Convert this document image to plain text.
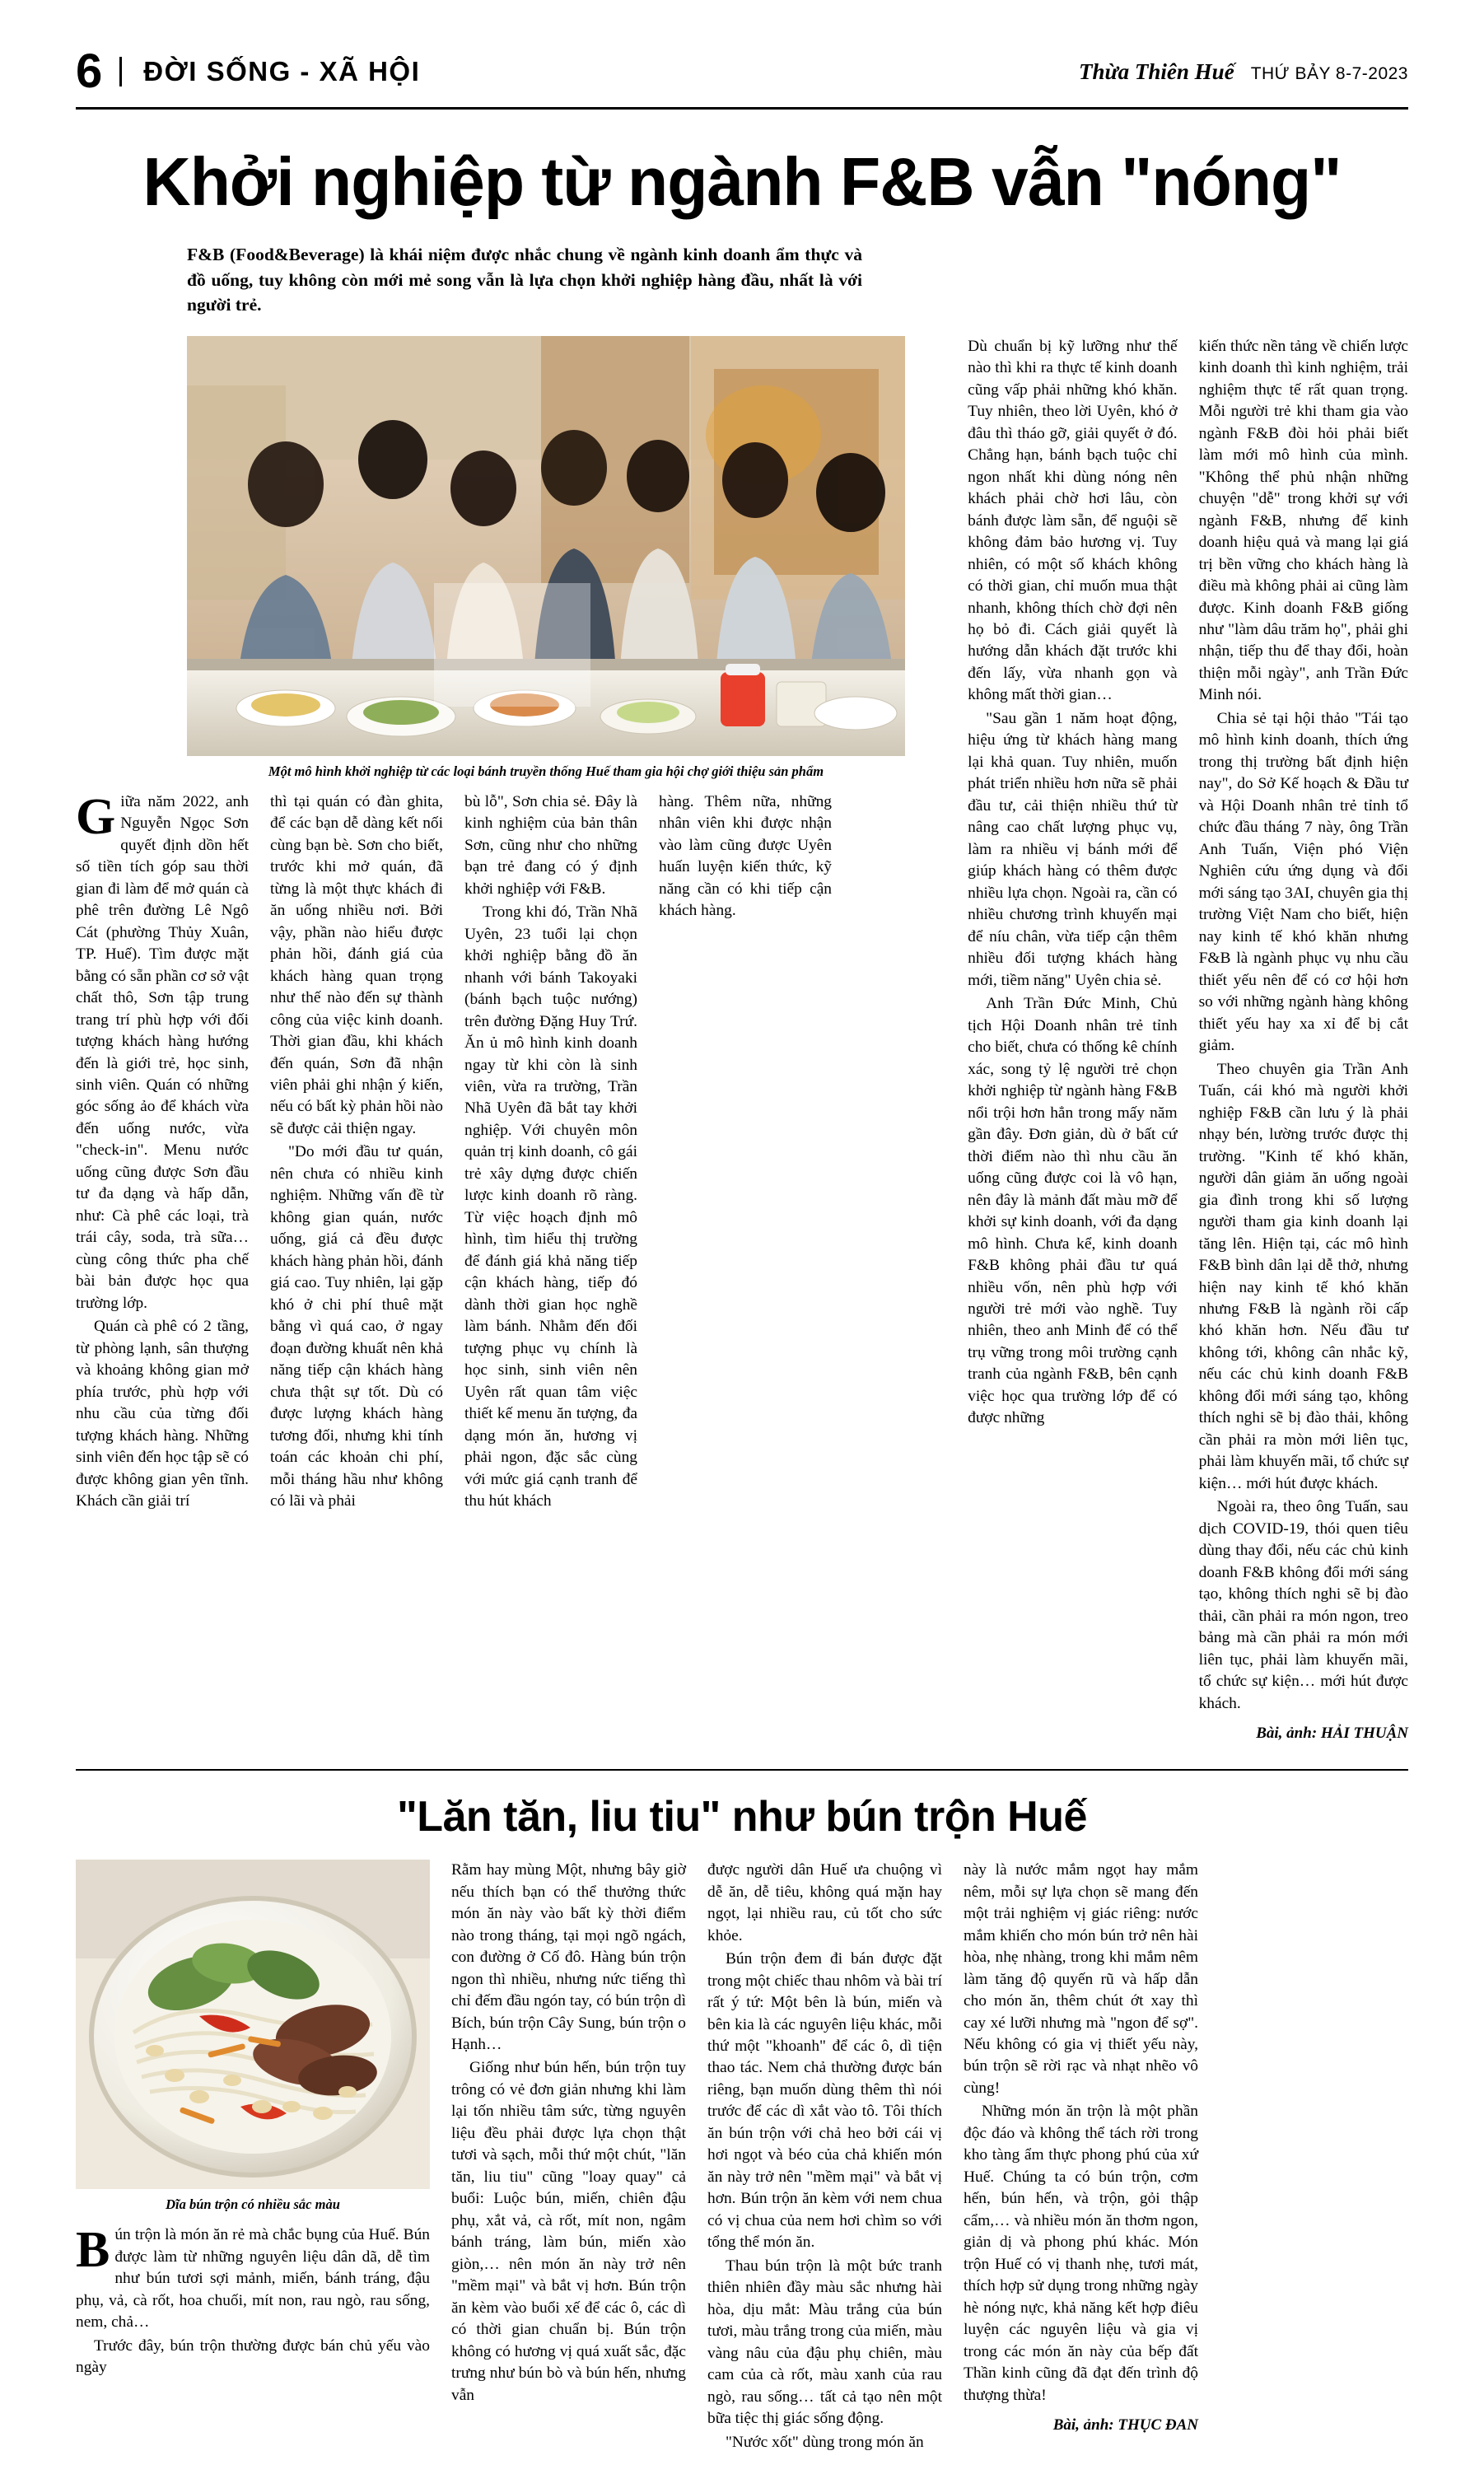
6	ĐỜI SỐNG - XÃ HỘI	Thừa Thiên Huế THỨ BẢY 8-7-2023
Khởi nghiệp từ ngành F&B vẫn "nóng"
F&B (Food&Beverage) là khái niệm được nhắc chung về ngành kinh doanh ẩm thực và đồ uống, tuy không còn mới mẻ song vẫn là lựa chọn khởi nghiệp hàng đầu, nhất là với người trẻ.
Một mô hình khởi nghiệp từ các loại bánh truyền thống Huế tham gia hội chợ giới thiệu sản phẩm

Giữa năm 2022, anh Nguyễn Ngọc Sơn quyết định dồn hết số tiền tích góp sau thời gian đi làm để mở quán cà phê trên đường Lê Ngô Cát (phường Thủy Xuân, TP. Huế). Tìm được mặt bằng có sẵn phần cơ sở vật chất thô, Sơn tập trung trang trí phù hợp với đối tượng khách hàng hướng đến là giới trẻ, học sinh, sinh viên. Quán có những góc sống ảo để khách vừa đến uống nước, vừa "check-in". Menu nước uống cũng được Sơn đầu tư đa dạng và hấp dẫn, như: Cà phê các loại, trà trái cây, soda, trà sữa… cùng công thức pha chế bài bản được học qua trường lớp.

Quán cà phê có 2 tầng, từ phòng lạnh, sân thượng và khoảng không gian mở phía trước, phù hợp với nhu cầu của từng đối tượng khách hàng. Những sinh viên đến học tập sẽ có được không gian yên tĩnh. Khách cần giải trí

thì tại quán có đàn ghita, để các bạn dễ dàng kết nối cùng bạn bè. Sơn cho biết, trước khi mở quán, đã từng là một thực khách đi ăn uống nhiều nơi. Bởi vậy, phần nào hiểu được phản hồi, đánh giá của khách hàng quan trọng như thế nào đến sự thành công của việc kinh doanh. Thời gian đầu, khi khách đến quán, Sơn đã nhận viên phải ghi nhận ý kiến, nếu có bất kỳ phản hồi nào sẽ được cải thiện ngay.

"Do mới đầu tư quán, nên chưa có nhiều kinh nghiệm. Những vấn đề từ không gian quán, nước uống, giá cả đều được khách hàng phản hồi, đánh giá cao. Tuy nhiên, lại gặp khó ở chi phí thuê mặt bằng vì quá cao, ở ngay đoạn đường khuất nên khả năng tiếp cận khách hàng chưa thật sự tốt. Dù có được lượng khách hàng tương đối, nhưng khi tính toán các khoản chi phí, mỗi tháng hầu như không có lãi và phải

bù lỗ", Sơn chia sẻ. Đây là kinh nghiệm của bản thân Sơn, cũng như cho những bạn trẻ đang có ý định khởi nghiệp với F&B.

Trong khi đó, Trần Nhã Uyên, 23 tuổi lại chọn khởi nghiệp bằng đồ ăn nhanh với bánh Takoyaki (bánh bạch tuộc nướng) trên đường Đặng Huy Trứ. Ăn ủ mô hình kinh doanh ngay từ khi còn là sinh viên, vừa ra trường, Trần Nhã Uyên đã bắt tay khởi nghiệp. Với chuyên môn quản trị kinh doanh, cô gái trẻ xây dựng được chiến lược kinh doanh rõ ràng. Từ việc hoạch định mô hình, tìm hiểu thị trường để đánh giá khả năng tiếp cận khách hàng, tiếp đó dành thời gian học nghề làm bánh. Nhằm đến đối tượng phục vụ chính là học sinh, sinh viên nên Uyên rất quan tâm việc thiết kế menu ăn tượng, đa dạng món ăn, hương vị phải ngon, đặc sắc cùng với mức giá cạnh tranh để thu hút khách

hàng. Thêm nữa, những nhân viên khi được nhận vào làm cũng được Uyên huấn luyện kiến thức, kỹ năng cần có khi tiếp cận khách hàng.

Dù chuẩn bị kỹ lưỡng như thế nào thì khi ra thực tế kinh doanh cũng vấp phải những khó khăn. Tuy nhiên, theo lời Uyên, khó ở đâu thì tháo gỡ, giải quyết ở đó. Chẳng hạn, bánh bạch tuộc chỉ ngon nhất khi dùng nóng nên khách phải chờ hơi lâu, còn bánh được làm sẵn, để nguội sẽ không đảm bảo hương vị. Tuy nhiên, có một số khách không có thời gian, chỉ muốn mua thật nhanh, không thích chờ đợi nên họ bỏ đi. Cách giải quyết là hướng dẫn khách đặt trước khi đến lấy, vừa nhanh gọn và không mất thời gian…

"Sau gần 1 năm hoạt động, hiệu ứng từ khách hàng mang lại khả quan. Tuy nhiên, muốn phát triển nhiều hơn nữa sẽ phải đầu tư, cải thiện nhiều thứ từ nâng cao chất lượng phục vụ, làm ra nhiều vị bánh mới để giúp khách hàng có thêm được nhiều lựa chọn. Ngoài ra, cần có nhiều chương trình khuyến mại để níu chân, vừa tiếp cận thêm nhiều đối tượng khách hàng mới, tiềm năng" Uyên chia sẻ.

Anh Trần Đức Minh, Chủ tịch Hội Doanh nhân trẻ tỉnh cho biết, chưa có thống kê chính xác, song tỷ lệ người trẻ chọn khởi nghiệp từ ngành hàng F&B nổi trội hơn hẳn trong mấy năm gần đây. Đơn giản, dù ở bất cứ thời điểm nào thì nhu cầu ăn uống cũng được coi là vô hạn, nên đây là mảnh đất màu mỡ để khởi sự kinh doanh, với đa dạng mô hình. Chưa kể, kinh doanh F&B không phải đầu tư quá nhiều vốn, nên phù hợp với người trẻ mới vào nghề. Tuy nhiên, theo anh Minh để có thể trụ vững trong môi trường cạnh tranh của ngành F&B, bên cạnh việc học qua trường lớp để có được những

kiến thức nền tảng về chiến lược kinh doanh thì kinh nghiệm, trải nghiệm thực tế rất quan trọng. Mỗi người trẻ khi tham gia vào ngành F&B đòi hỏi phải biết làm mới mô hình của mình. "Không thể phủ nhận những chuyện "dễ" trong khởi sự với ngành F&B, nhưng để kinh doanh hiệu quả và mang lại giá trị bền vững cho khách hàng là điều mà không phải ai cũng làm được. Kinh doanh F&B giống như "làm dâu trăm họ", phải ghi nhận, tiếp thu để thay đổi, hoàn thiện mỗi ngày", anh Trần Đức Minh nói.

Chia sẻ tại hội thảo "Tái tạo mô hình kinh doanh, thích ứng trong thị trường bất định hiện nay", do Sở Kế hoạch & Đầu tư và Hội Doanh nhân trẻ tỉnh tổ chức đầu tháng 7 này, ông Trần Anh Tuấn, Viện phó Viện Nghiên cứu ứng dụng và đổi mới sáng tạo 3AI, chuyên gia thị trường Việt Nam cho biết, hiện nay kinh tế khó khăn nhưng F&B là ngành phục vụ nhu cầu thiết yếu nên để có cơ hội hơn so với những ngành hàng không thiết yếu hay xa xỉ để bị cắt giảm.

Theo chuyên gia Trần Anh Tuấn, cái khó mà người khởi nghiệp F&B cần lưu ý là phải nhạy bén, lường trước được thị trường. "Kinh tế khó khăn, người dân giảm ăn uống ngoài gia đình trong khi số lượng người tham gia kinh doanh lại tăng lên. Hiện tại, các mô hình F&B bình dân lại dễ thở, nhưng hiện nay kinh tế khó khăn nhưng F&B là ngành rồi cấp khó khăn hơn. Nếu đầu tư không tới, không cân nhắc kỹ, nếu các chủ kinh doanh F&B không đổi mới sáng tạo, không thích nghi sẽ bị đào thải, không cần phải ra mòn mới liên tục, phải làm khuyến mãi, tổ chức sự kiện… mới hút được khách.

Ngoài ra, theo ông Tuấn, sau dịch COVID-19, thói quen tiêu dùng thay đổi, nếu các chủ kinh doanh F&B không đổi mới sáng tạo, không thích nghi sẽ bị đào thải, cần phải ra món ngon, treo bảng mà cần phải ra món mới liên tục, phải làm khuyến mãi, tổ chức sự kiện… mới hút được khách.

Bài, ảnh: HẢI THUẬN
"Lăn tăn, liu tiu" như bún trộn Huế
Dĩa bún trộn có nhiều sắc màu

Bún trộn là món ăn rẻ mà chắc bụng của Huế. Bún được làm từ những nguyên liệu dân dã, dễ tìm như bún tươi sợi mảnh, miến, bánh tráng, đậu phụ, vả, cà rốt, hoa chuối, mít non, rau ngò, rau sống, nem, chả…

Trước đây, bún trộn thường được bán chủ yếu vào ngày

Rằm hay mùng Một, nhưng bây giờ nếu thích bạn có thể thưởng thức món ăn này vào bất kỳ thời điểm nào trong tháng, tại mọi ngõ ngách, con đường ở Cố đô. Hàng bún trộn ngon thì nhiều, nhưng nức tiếng thì chỉ đếm đầu ngón tay, có bún trộn dì Bích, bún trộn Cây Sung, bún trộn o Hạnh…

Giống như bún hến, bún trộn tuy trông có vẻ đơn giản nhưng khi làm lại tốn nhiều tâm sức, từng nguyên liệu đều phải được lựa chọn thật tươi và sạch, mỗi thứ một chút, "lăn tăn, liu tiu" cũng "loay quay" cả buổi: Luộc bún, miến, chiên đậu phụ, xắt vả, cà rốt, mít non, ngâm bánh tráng, làm bún, miến xào giòn,… nên món ăn này trở nên "mềm mại" và bắt vị hơn. Bún trộn ăn kèm vào buổi xế để các ô, các dì có thời gian chuẩn bị. Bún trộn không có hương vị quá xuất sắc, đặc trưng như bún bò và bún hến, nhưng vẫn

được người dân Huế ưa chuộng vì dễ ăn, dễ tiêu, không quá mặn hay ngọt, lại nhiều rau, củ tốt cho sức khỏe.

Bún trộn đem đi bán được đặt trong một chiếc thau nhôm và bài trí rất ý tứ: Một bên là bún, miến và bên kia là các nguyên liệu khác, mỗi thứ một "khoanh" để các ô, dì tiện thao tác. Nem chả thường được bán riêng, bạn muốn dùng thêm thì nói trước để các dì xắt vào tô. Tôi thích ăn bún trộn với chả heo bởi cái vị hơi ngọt và béo của chả khiến món ăn này trở nên "mềm mại" và bắt vị hơn. Bún trộn ăn kèm với nem chua có vị chua của nem hơi chìm so với tổng thể món ăn.

Thau bún trộn là một bức tranh thiên nhiên đầy màu sắc nhưng hài hòa, dịu mắt: Màu trắng của bún tươi, màu trắng trong của miến, màu vàng nâu của đậu phụ chiên, màu cam của cà rốt, màu xanh của rau ngò, rau sống… tất cả tạo nên một bữa tiệc thị giác sống động.

"Nước xốt" dùng trong món ăn

này là nước mắm ngọt hay mắm nêm, mỗi sự lựa chọn sẽ mang đến một trải nghiệm vị giác riêng: nước mắm khiến cho món bún trở nên hài hòa, nhẹ nhàng, trong khi mắm nêm làm tăng độ quyến rũ và hấp dẫn cho món ăn, thêm chút ớt xay thì cay xé lưỡi nhưng mà "ngon để sợ". Nếu không có gia vị thiết yếu này, bún trộn sẽ rời rạc và nhạt nhẽo vô cùng!

Những món ăn trộn là một phần độc đáo và không thể tách rời trong kho tàng ẩm thực phong phú của xứ Huế. Chúng ta có bún trộn, cơm hến, bún hến, và trộn, gỏi thập cẩm,… và nhiều món ăn thơm ngon, giản dị và phong phú khác. Món trộn Huế có vị thanh nhẹ, tươi mát, thích hợp sử dụng trong những ngày hè nóng nực, khả năng kết hợp điêu luyện các nguyên liệu và gia vị trong các món ăn này của bếp đất Thần kinh cũng đã đạt đến trình độ thượng thừa!

Bài, ảnh: THỤC ĐAN
